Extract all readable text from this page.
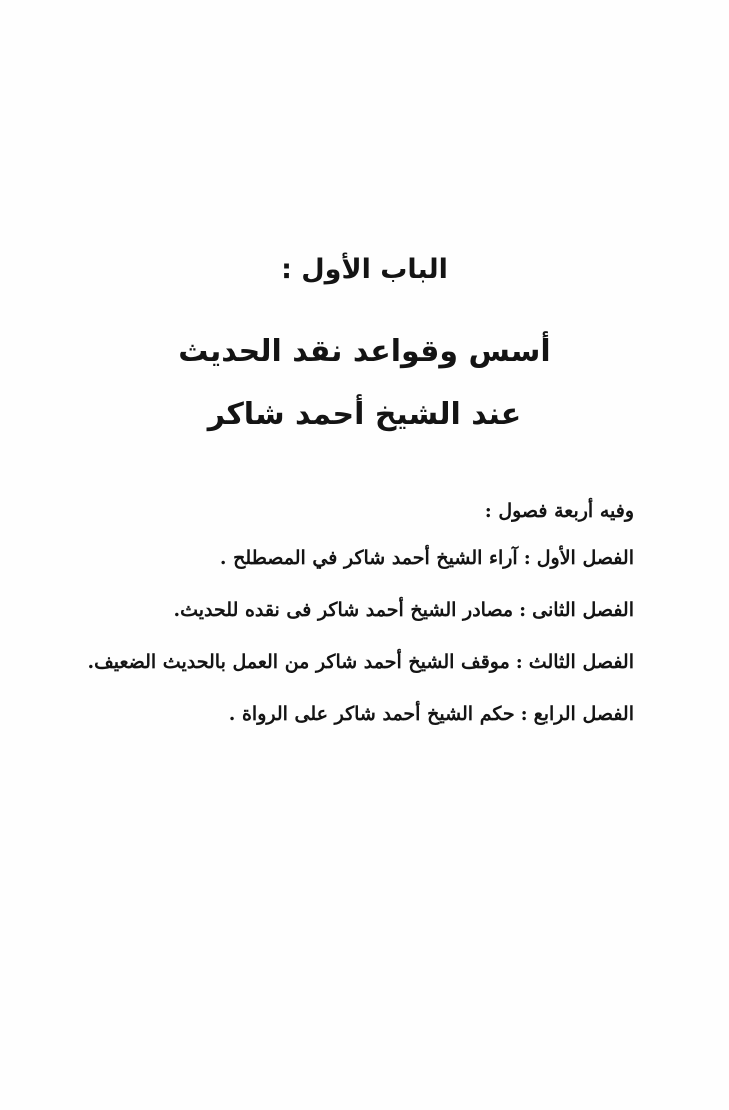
الباب الأول :
أسس وقواعد نقد الحديث
عند الشيخ أحمد شاكر
وفيه أربعة فصول :
الفصل الأول:آراء الشيخ أحمد شاكر في المصطلح .
الفصل الثانى:مصادر الشيخ أحمد شاكر فى نقده للحديث.
الفصل الثالث:موقف الشيخ أحمد شاكر من العمل بالحديث الضعيف.
الفصل الرابع:حكم الشيخ أحمد شاكر على الرواة .
